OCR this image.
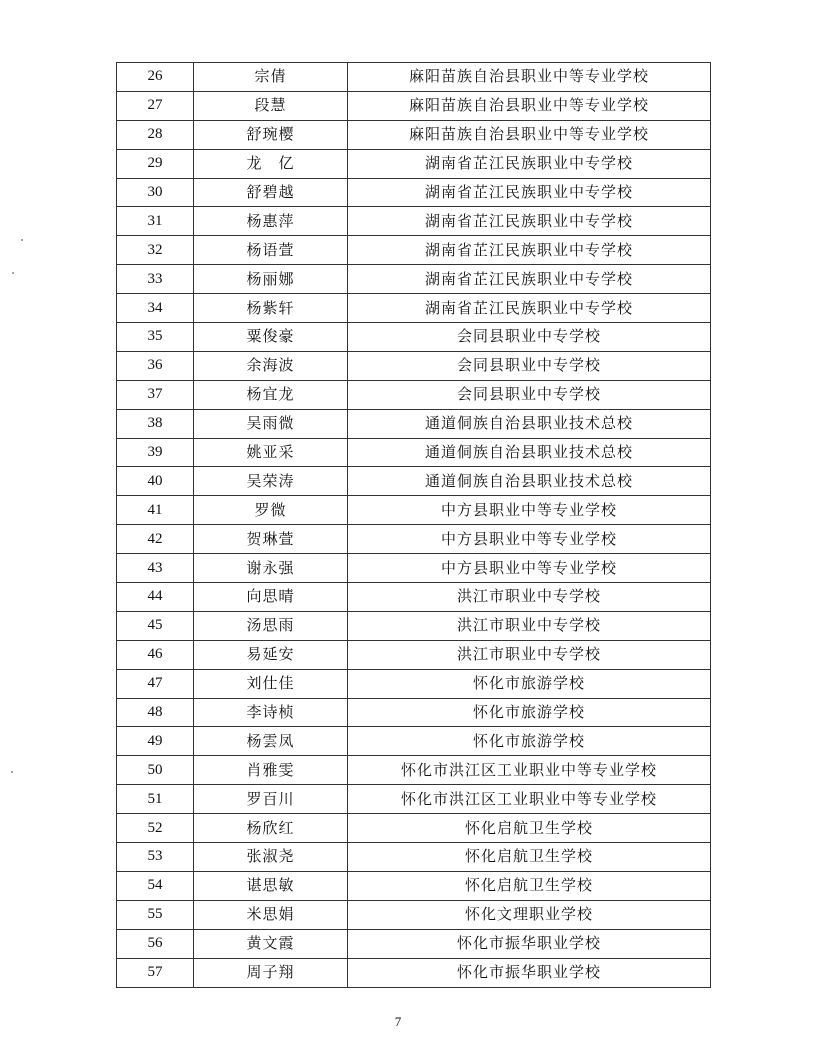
26	宗倩	麻阳苗族自治县职业中等专业学校
27	段慧	麻阳苗族自治县职业中等专业学校
28	舒琬樱	麻阳苗族自治县职业中等专业学校
29	龙　亿	湖南省芷江民族职业中专学校
30	舒碧越	湖南省芷江民族职业中专学校
31	杨惠萍	湖南省芷江民族职业中专学校
32	杨语萱	湖南省芷江民族职业中专学校
33	杨丽娜	湖南省芷江民族职业中专学校
34	杨紫轩	湖南省芷江民族职业中专学校
35	粟俊豪	会同县职业中专学校
36	余海波	会同县职业中专学校
37	杨宜龙	会同县职业中专学校
38	吴雨微	通道侗族自治县职业技术总校
39	姚亚采	通道侗族自治县职业技术总校
40	吴荣涛	通道侗族自治县职业技术总校
41	罗微	中方县职业中等专业学校
42	贺琳萱	中方县职业中等专业学校
43	谢永强	中方县职业中等专业学校
44	向思晴	洪江市职业中专学校
45	汤思雨	洪江市职业中专学校
46	易延安	洪江市职业中专学校
47	刘仕佳	怀化市旅游学校
48	李诗桢	怀化市旅游学校
49	杨雲凤	怀化市旅游学校
50	肖雅雯	怀化市洪江区工业职业中等专业学校
51	罗百川	怀化市洪江区工业职业中等专业学校
52	杨欣红	怀化启航卫生学校
53	张淑尧	怀化启航卫生学校
54	谌思敏	怀化启航卫生学校
55	米思娟	怀化文理职业学校
56	黄文霞	怀化市振华职业学校
57	周子翔	怀化市振华职业学校
7
